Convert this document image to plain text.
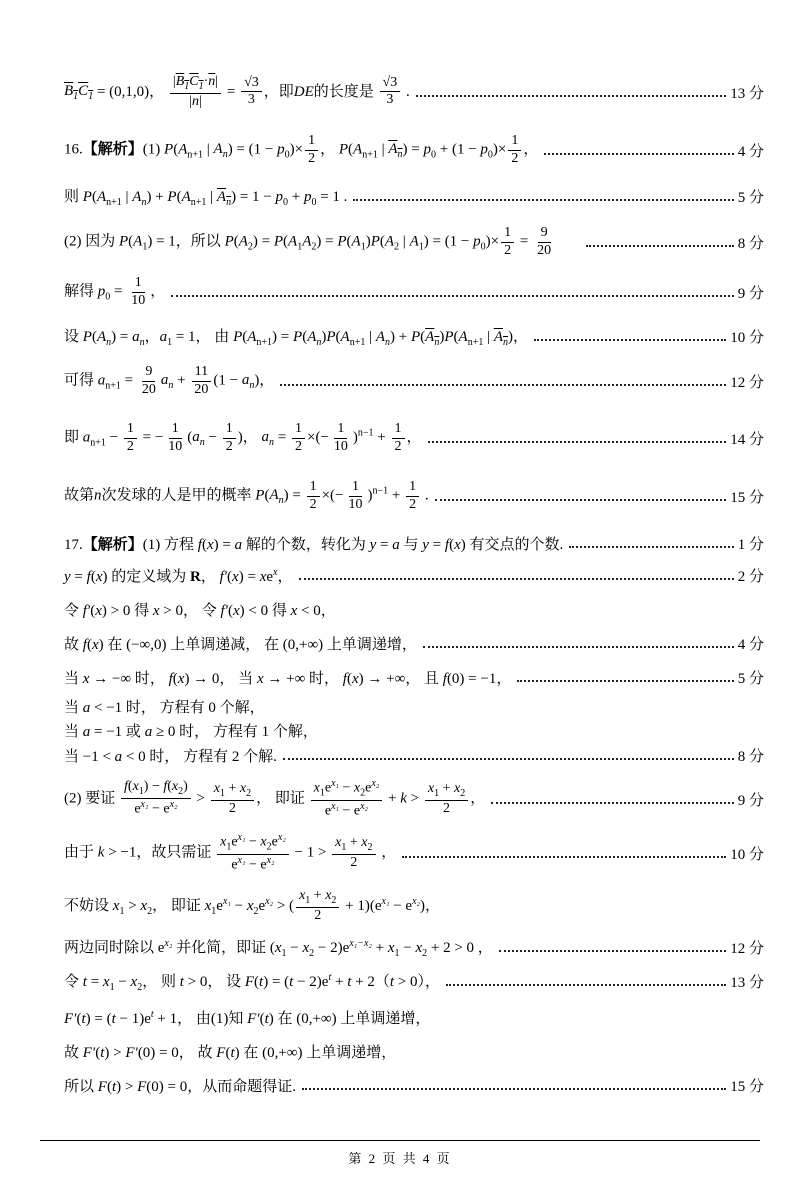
$B_1C_1 = (0,1,0)$， $\frac{|B_1C_1\cdot\overline{n}|}{|\overline{n}|} = \frac{√3}{3}$ ，即DE的长度是 $\frac{√3}{3}$ .	13 分
16.【解析】(1) $P(A_{n+1}$ | $A_n) = (1 - p_0)\times \frac{1}{2}$ ， $P(A_{n+1}$ | $A_n) = p_0 + (1 - p_0)\times \frac{1}{2}$ ，	4 分
则 $P(A_{n+1}$ | $A_n) + P(A_{n+1}$ | $A_n) = 1 - p_0 + p_0 = 1$ .	5 分
(2) 因为 $P(A_1) = 1$，所以 $P(A_2) = P(A_1A_2) = P(A_1)P(A_2$ | $A_1) = (1 - p_0)\times \frac{1}{2} = \frac{9}{20}$	8 分
解得 $p_0 = \frac{1}{10}$ ，	9 分
设 $P(A_n) = a_n$，$a_1 = 1$， 由 $P(A_{n+1}) = P(A_n)P(A_{n+1}$ | $A_n) + P(A_n)P(A_{n+1}$ | $A_n$)，	10 分
可得 $a_{n+1} = \frac{9}{20} a_n + \frac{11}{20} (1 - a_n)$，	12 分
即 $a_{n+1} - \frac{1}{2}$ = − $\frac{1}{10} (a_n - \frac{1}{2}$ )， $a_n = \frac{1}{2}$ ×(− $\frac{1}{10} )^{n-1} + \frac{1}{2}$ ，	14 分
故第n次发球的人是甲的概率 $P(A_n) = \frac{1}{2}$ ×(− $\frac{1}{10} )^{n-1} + \frac{1}{2}$ .	15 分
17.【解析】(1) 方程 f(x) = a 解的个数，转化为 y = a 与 y = f(x) 有交点的个数.	1 分
y = f(x) 的定义域为 R， $f'(x) = xe^x$，	2 分
令 f′(x) > 0 得 x > 0， 令 f′(x) < 0 得 x < 0，
故 f(x) 在 (−∞,0) 上单调递减， 在 (0,+∞) 上单调递增，	4 分
当 x → −∞ 时， f(x) → 0， 当 x → +∞ 时， f(x) → +∞， 且 f(0) = −1，	5 分
当 a < −1 时， 方程有 0 个解，
当 a = −1 或 a ≥ 0 时， 方程有 1 个解，
当 −1 < a < 0 时， 方程有 2 个解.	8 分
(2) 要证 $\frac{f(x_1) - f(x_2)}{e^{x_1} - e^{x_2}} > \frac{x_1 + x_2}{2}$ ， 即证 $\frac{x_1e^{x_1} - x_2e^{x_2}}{e^{x_1} - e^{x_2}} + k > \frac{x_1 + x_2}{2}$ ，	9 分
由于 k > −1，故只需证 $\frac{x_1e^{x_1} - x_2e^{x_2}}{e^{x_1} - e^{x_2}} - 1 > \frac{x_1 + x_2}{2}$ ，	10 分
不妨设 $x_1 > x_2$， 即证 $x_1e^{x_1} - x_2e^{x_2}$ > ( $\frac{x_1 + x_2}{2} + 1)(e^{x_1} - e^{x_2})$，
两边同时除以 $e^{x_2}$ 并化简，即证 $(x_1 - x_2 - 2)e^{x_1-x_2} + x_1 - x_2 + 2 > 0$ ，	12 分
令 $t = x_1 - x_2$， 则 t > 0， 设 $F(t) = (t - 2)e^t + t + 2(t > 0)$，	13 分
$F'(t) = (t - 1)e^t + 1$， 由(1)知 F′(t) 在 (0,+∞) 上单调递增，
故 F′(t) > F′(0) = 0， 故 F(t) 在 (0,+∞) 上单调递增，
所以 F(t) > F(0) = 0，从而命题得证.	15 分
第 2 页 共 4 页
